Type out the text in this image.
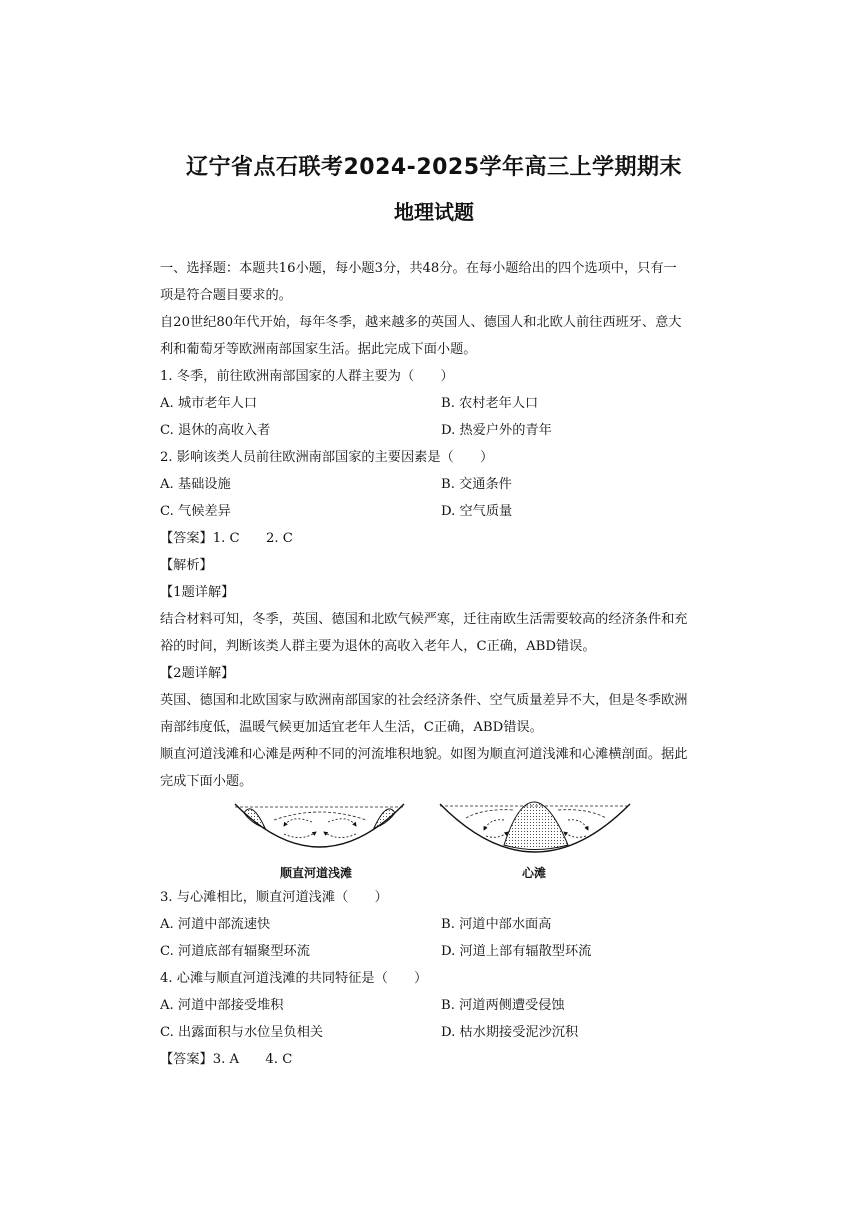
辽宁省点石联考2024-2025学年高三上学期期末
地理试题
一、选择题：本题共16小题，每小题3分，共48分。在每小题给出的四个选项中，只有一
项是符合题目要求的。
自20世纪80年代开始，每年冬季，越来越多的英国人、德国人和北欧人前往西班牙、意大
利和葡萄牙等欧洲南部国家生活。据此完成下面小题。
1. 冬季，前往欧洲南部国家的人群主要为（　　）
A. 城市老年人口	B. 农村老年人口
C. 退休的高收入者	D. 热爱户外的青年
2. 影响该类人员前往欧洲南部国家的主要因素是（　　）
A. 基础设施	B. 交通条件
C. 气候差异	D. 空气质量
【答案】1. C　　2. C
【解析】
【1题详解】
结合材料可知，冬季，英国、德国和北欧气候严寒，迁往南欧生活需要较高的经济条件和充
裕的时间，判断该类人群主要为退休的高收入老年人，C正确，ABD错误。
【2题详解】
英国、德国和北欧国家与欧洲南部国家的社会经济条件、空气质量差异不大，但是冬季欧洲
南部纬度低，温暖气候更加适宜老年人生活，C正确，ABD错误。
顺直河道浅滩和心滩是两种不同的河流堆积地貌。如图为顺直河道浅滩和心滩横剖面。据此
完成下面小题。
顺直河道浅滩	心滩
3. 与心滩相比，顺直河道浅滩（　　）
A. 河道中部流速快	B. 河道中部水面高
C. 河道底部有辐聚型环流	D. 河道上部有辐散型环流
4. 心滩与顺直河道浅滩的共同特征是（　　）
A. 河道中部接受堆积	B. 河道两侧遭受侵蚀
C. 出露面积与水位呈负相关	D. 枯水期接受泥沙沉积
【答案】3. A　　4. C
